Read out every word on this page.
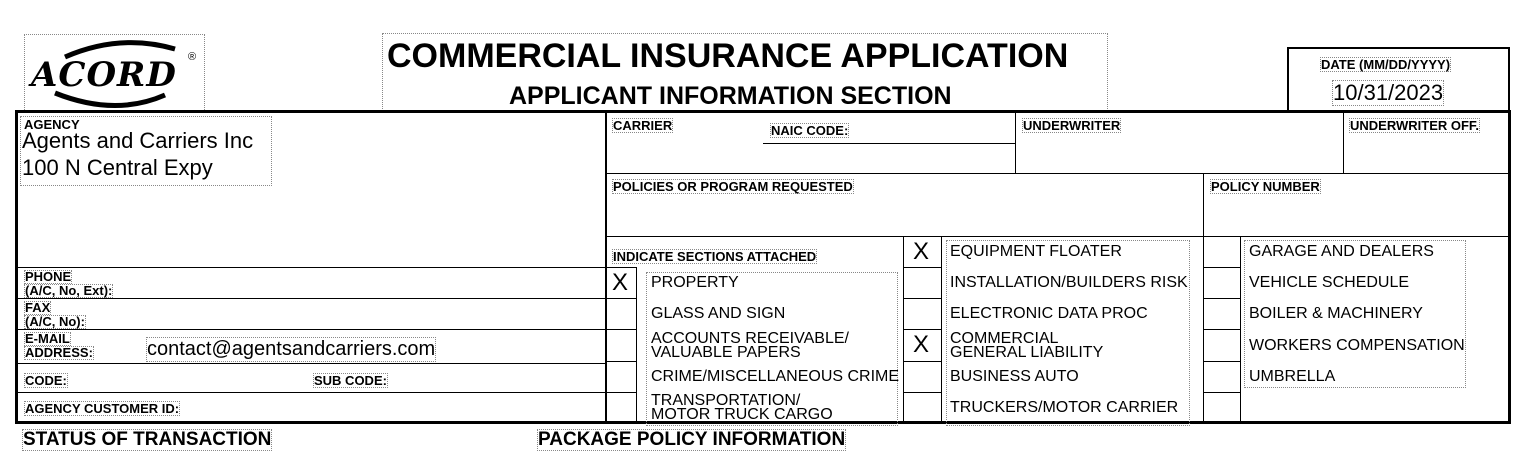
ACORD ®	COMMERCIAL INSURANCE APPLICATION
APPLICANT INFORMATION SECTION
DATE (MM/DD/YYYY)
10/31/2023
AGENCY
Agents and Carriers Inc
100 N Central Expy
PHONE
(A/C, No, Ext):
FAX
(A/C, No):
E-MAIL
ADDRESS:	contact@agentsandcarriers.com
CODE:	SUB CODE:
AGENCY CUSTOMER ID:
CARRIER	NAIC CODE:	UNDERWRITER	UNDERWRITER OFF.
POLICIES OR PROGRAM REQUESTED	POLICY NUMBER
INDICATE SECTIONS ATTACHED
X PROPERTY
GLASS AND SIGN
ACCOUNTS RECEIVABLE/
VALUABLE PAPERS
CRIME/MISCELLANEOUS CRIME
TRANSPORTATION/
MOTOR TRUCK CARGO
X EQUIPMENT FLOATER
INSTALLATION/BUILDERS RISK
ELECTRONIC DATA PROC
X COMMERCIAL
GENERAL LIABILITY
BUSINESS AUTO
TRUCKERS/MOTOR CARRIER
GARAGE AND DEALERS
VEHICLE SCHEDULE
BOILER & MACHINERY
WORKERS COMPENSATION
UMBRELLA
STATUS OF TRANSACTION	PACKAGE POLICY INFORMATION
